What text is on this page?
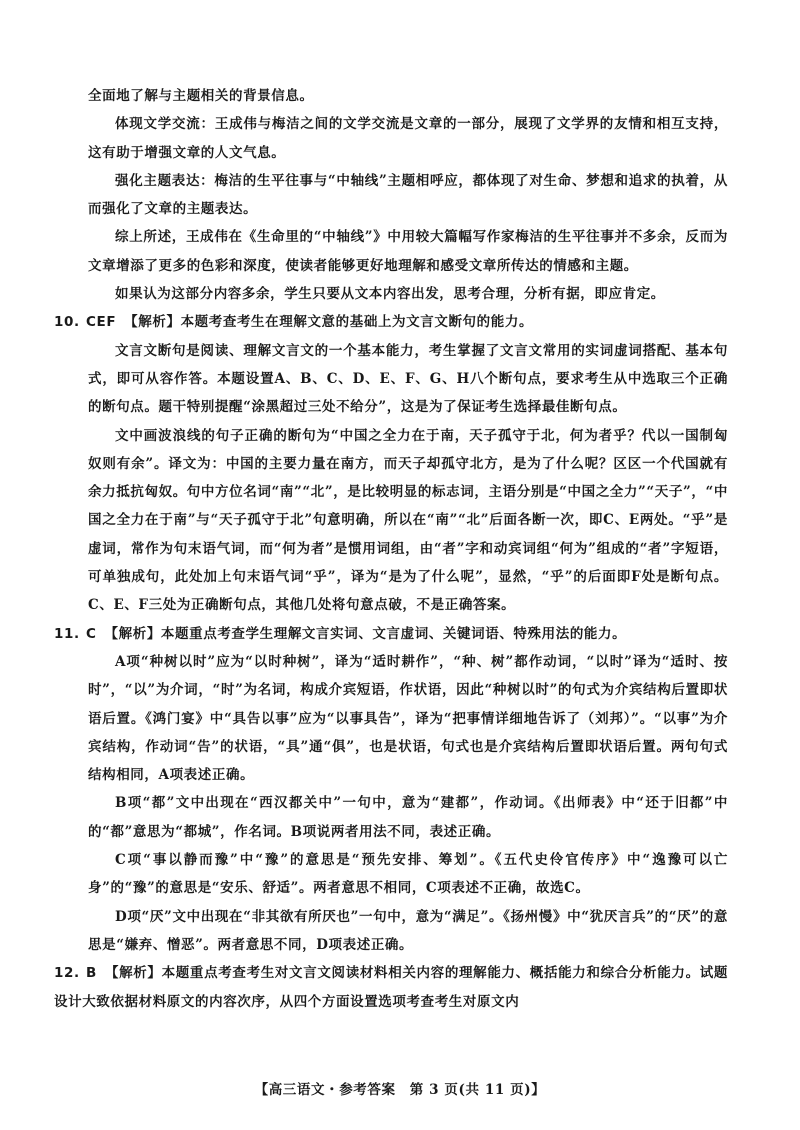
全面地了解与主题相关的背景信息。

体现文学交流：王成伟与梅洁之间的文学交流是文章的一部分，展现了文学界的友情和相互支持，这有助于增强文章的人文气息。

强化主题表达：梅洁的生平往事与“中轴线”主题相呼应，都体现了对生命、梦想和追求的执着，从而强化了文章的主题表达。

综上所述，王成伟在《生命里的“中轴线”》中用较大篇幅写作家梅洁的生平往事并不多余，反而为文章增添了更多的色彩和深度，使读者能够更好地理解和感受文章所传达的情感和主题。

如果认为这部分内容多余，学生只要从文本内容出发，思考合理，分析有据，即应肯定。

10. CEF 【解析】本题考查考生在理解文意的基础上为文言文断句的能力。

文言文断句是阅读、理解文言文的一个基本能力，考生掌握了文言文常用的实词虚词搭配、基本句式，即可从容作答。本题设置A、B、C、D、E、F、G、H八个断句点，要求考生从中选取三个正确的断句点。题干特别提醒“涂黑超过三处不给分”，这是为了保证考生选择最佳断句点。

文中画波浪线的句子正确的断句为“中国之全力在于南，天子孤守于北，何为者乎？代以一国制匈奴则有余”。译文为：中国的主要力量在南方，而天子却孤守北方，是为了什么呢？区区一个代国就有余力抵抗匈奴。句中方位名词“南”“北”，是比较明显的标志词，主语分别是“中国之全力”“天子”，“中国之全力在于南”与“天子孤守于北”句意明确，所以在“南”“北”后面各断一次，即C、E两处。“乎”是虚词，常作为句末语气词，而“何为者”是惯用词组，由“者”字和动宾词组“何为”组成的“者”字短语，可单独成句，此处加上句末语气词“乎”，译为“是为了什么呢”，显然，“乎”的后面即F处是断句点。C、E、F三处为正确断句点，其他几处将句意点破，不是正确答案。

11. C 【解析】本题重点考查学生理解文言实词、文言虚词、关键词语、特殊用法的能力。

A项“种树以时”应为“以时种树”，译为“适时耕作”，“种、树”都作动词，“以时”译为“适时、按时”，“以”为介词，“时”为名词，构成介宾短语，作状语，因此“种树以时”的句式为介宾结构后置即状语后置。《鸿门宴》中“具告以事”应为“以事具告”，译为“把事情详细地告诉了（刘邦）”。“以事”为介宾结构，作动词“告”的状语，“具”通“俱”，也是状语，句式也是介宾结构后置即状语后置。两句句式结构相同，A项表述正确。

B项“都”文中出现在“西汉都关中”一句中，意为“建都”，作动词。《出师表》中“还于旧都”中的“都”意思为“都城”，作名词。B项说两者用法不同，表述正确。

C项“事以静而豫”中“豫”的意思是“预先安排、筹划”。《五代史伶官传序》中“逸豫可以亡身”的“豫”的意思是“安乐、舒适”。两者意思不相同，C项表述不正确，故选C。

D项“厌”文中出现在“非其欲有所厌也”一句中，意为“满足”。《扬州慢》中“犹厌言兵”的“厌”的意思是“嫌弃、憎恶”。两者意思不同，D项表述正确。

12. B 【解析】本题重点考查考生对文言文阅读材料相关内容的理解能力、概括能力和综合分析能力。试题设计大致依据材料原文的内容次序，从四个方面设置选项考查考生对原文内

【高三语文・参考答案　第 3 页(共 11 页)】
